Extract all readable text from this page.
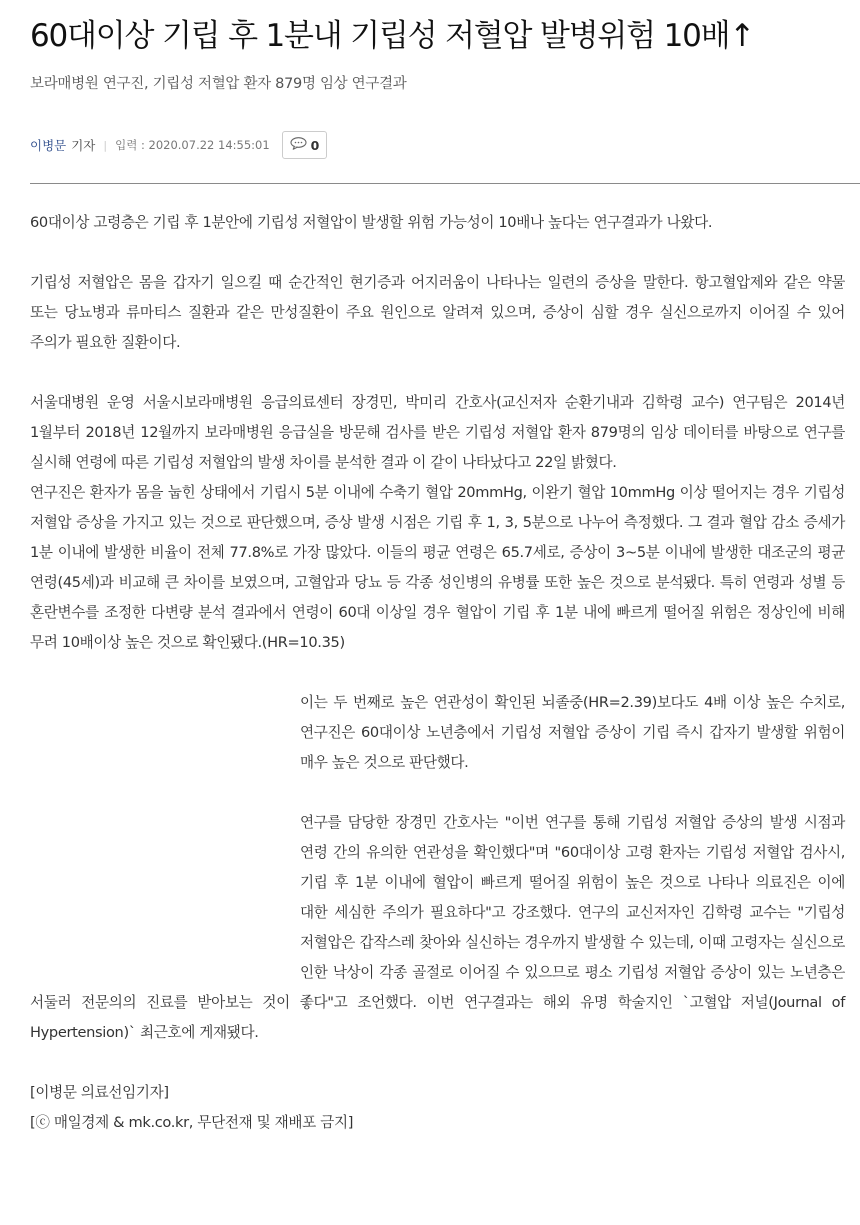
60대이상 기립 후 1분내 기립성 저혈압 발병위험 10배↑

보라매병원 연구진, 기립성 저혈압 환자 879명 임상 연구결과

이병문 기자 | 입력 : 2020.07.22 14:55:01	0

60대이상 고령층은 기립 후 1분안에 기립성 저혈압이 발생할 위험 가능성이 10배나 높다는 연구결과가 나왔다.

기립성 저혈압은 몸을 갑자기 일으킬 때 순간적인 현기증과 어지러움이 나타나는 일련의 증상을 말한다. 항고혈압제와 같은 약물 또는 당뇨병과 류마티스 질환과 같은 만성질환이 주요 원인으로 알려져 있으며, 증상이 심할 경우 실신으로까지 이어질 수 있어 주의가 필요한 질환이다.

서울대병원 운영 서울시보라매병원 응급의료센터 장경민, 박미리 간호사(교신저자 순환기내과 김학령 교수) 연구팀은 2014년 1월부터 2018년 12월까지 보라매병원 응급실을 방문해 검사를 받은 기립성 저혈압 환자 879명의 임상 데이터를 바탕으로 연구를 실시해 연령에 따른 기립성 저혈압의 발생 차이를 분석한 결과 이 같이 나타났다고 22일 밝혔다.

연구진은 환자가 몸을 눕힌 상태에서 기립시 5분 이내에 수축기 혈압 20mmHg, 이완기 혈압 10mmHg 이상 떨어지는 경우 기립성 저혈압 증상을 가지고 있는 것으로 판단했으며, 증상 발생 시점은 기립 후 1, 3, 5분으로 나누어 측정했다. 그 결과 혈압 감소 증세가 1분 이내에 발생한 비율이 전체 77.8%로 가장 많았다. 이들의 평균 연령은 65.7세로, 증상이 3~5분 이내에 발생한 대조군의 평균 연령(45세)과 비교해 큰 차이를 보였으며, 고혈압과 당뇨 등 각종 성인병의 유병률 또한 높은 것으로 분석됐다. 특히 연령과 성별 등 혼란변수를 조정한 다변량 분석 결과에서 연령이 60대 이상일 경우 혈압이 기립 후 1분 내에 빠르게 떨어질 위험은 정상인에 비해 무려 10배이상 높은 것으로 확인됐다.(HR=10.35)

이는 두 번째로 높은 연관성이 확인된 뇌졸중(HR=2.39)보다도 4배 이상 높은 수치로, 연구진은 60대이상 노년층에서 기립성 저혈압 증상이 기립 즉시 갑자기 발생할 위험이 매우 높은 것으로 판단했다.

연구를 담당한 장경민 간호사는 "이번 연구를 통해 기립성 저혈압 증상의 발생 시점과 연령 간의 유의한 연관성을 확인했다"며 "60대이상 고령 환자는 기립성 저혈압 검사시, 기립 후 1분 이내에 혈압이 빠르게 떨어질 위험이 높은 것으로 나타나 의료진은 이에 대한 세심한 주의가 필요하다"고 강조했다. 연구의 교신저자인 김학령 교수는 "기립성 저혈압은 갑작스레 찾아와 실신하는 경우까지 발생할 수 있는데, 이때 고령자는 실신으로 인한 낙상이 각종 골절로 이어질 수 있으므로 평소 기립성 저혈압 증상이 있는 노년층은 서둘러 전문의의 진료를 받아보는 것이 좋다"고 조언했다. 이번 연구결과는 해외 유명 학술지인 `고혈압 저널(Journal of Hypertension)` 최근호에 게재됐다.

[이병문 의료선임기자]

[ⓒ 매일경제 & mk.co.kr, 무단전재 및 재배포 금지]
